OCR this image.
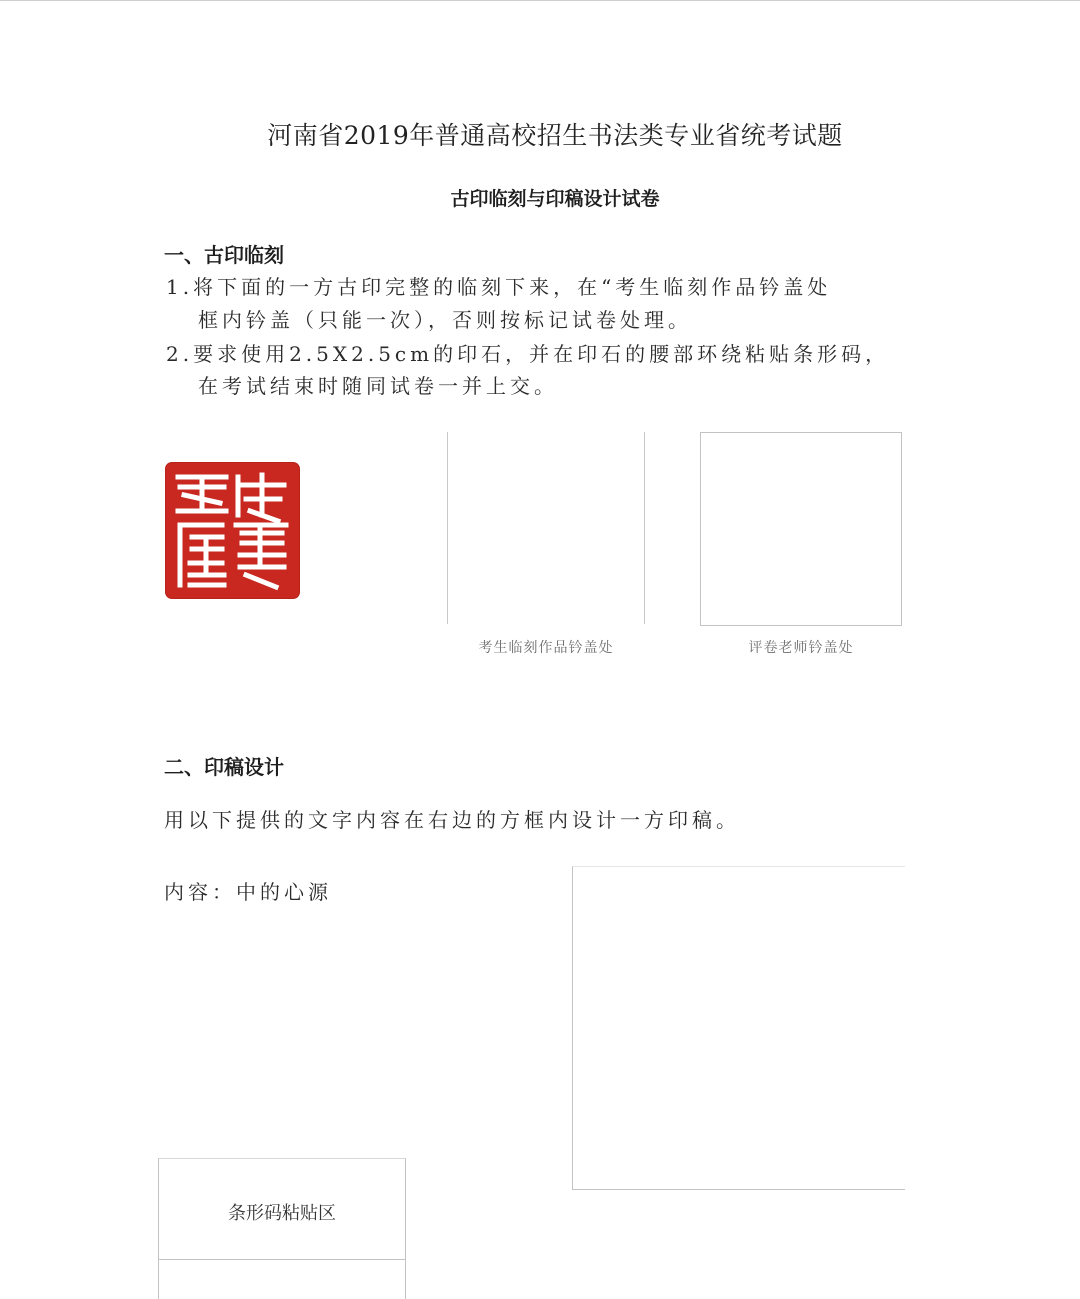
河南省2019年普通高校招生书法类专业省统考试题
古印临刻与印稿设计试卷
一、古印临刻
1.将下面的一方古印完整的临刻下来，在“考生临刻作品钤盖处
框内钤盖（只能一次），否则按标记试卷处理。
2.要求使用2.5X2.5cm的印石，并在印石的腰部环绕粘贴条形码，
在考试结束时随同试卷一并上交。
考生临刻作品钤盖处	评卷老师钤盖处
二、印稿设计
用以下提供的文字内容在右边的方框内设计一方印稿。
内容：中的心源
条形码粘贴区
